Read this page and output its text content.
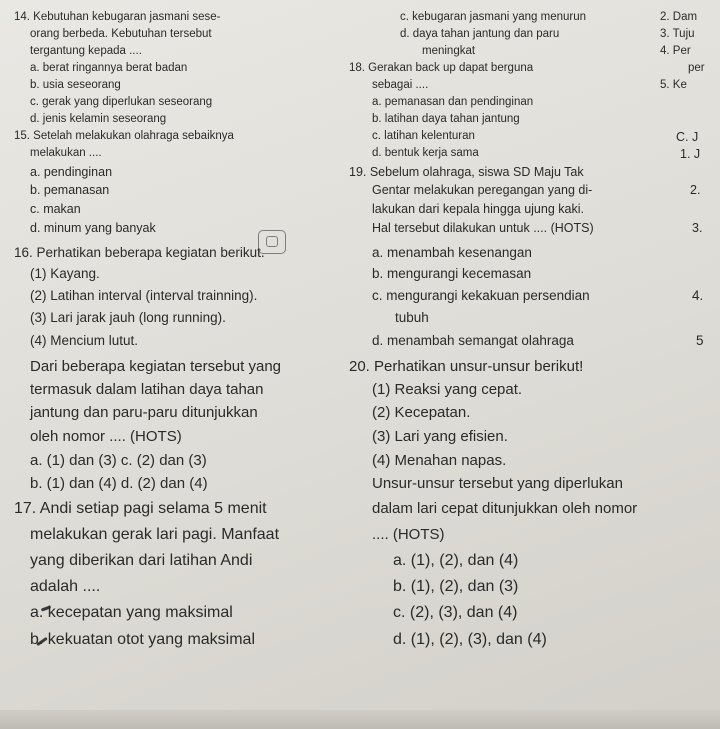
14. Kebutuhan kebugaran jasmani sese-
orang berbeda. Kebutuhan tersebut
tergantung kepada ....
a. berat ringannya berat badan
b. usia seseorang
c. gerak yang diperlukan seseorang
d. jenis kelamin seseorang
15. Setelah melakukan olahraga sebaiknya
melakukan ....
a. pendinginan
b. pemanasan
c. makan
d. minum yang banyak
16. Perhatikan beberapa kegiatan berikut.
(1) Kayang.
(2) Latihan interval (interval trainning).
(3) Lari jarak jauh (long running).
(4) Mencium lutut.
Dari beberapa kegiatan tersebut yang
termasuk dalam latihan daya tahan
jantung dan paru-paru ditunjukkan
oleh nomor .... (HOTS)
a. (1) dan (3) c. (2) dan (3)
b. (1) dan (4) d. (2) dan (4)
17. Andi setiap pagi selama 5 menit
melakukan gerak lari pagi. Manfaat
yang diberikan dari latihan Andi
adalah ....
a. kecepatan yang maksimal
b. kekuatan otot yang maksimal
c. kebugaran jasmani yang menurun
d. daya tahan jantung dan paru
meningkat
18. Gerakan back up dapat berguna
sebagai ....
a. pemanasan dan pendinginan
b. latihan daya tahan jantung
c. latihan kelenturan
d. bentuk kerja sama
19. Sebelum olahraga, siswa SD Maju Tak
Gentar melakukan peregangan yang di-
lakukan dari kepala hingga ujung kaki.
Hal tersebut dilakukan untuk .... (HOTS)
a. menambah kesenangan
b. mengurangi kecemasan
c. mengurangi kekakuan persendian
tubuh
d. menambah semangat olahraga
20. Perhatikan unsur-unsur berikut!
(1) Reaksi yang cepat.
(2) Kecepatan.
(3) Lari yang efisien.
(4) Menahan napas.
Unsur-unsur tersebut yang diperlukan
dalam lari cepat ditunjukkan oleh nomor
.... (HOTS)
a. (1), (2), dan (4)
b. (1), (2), dan (3)
c. (2), (3), dan (4)
d. (1), (2), (3), dan (4)
2. Dam
3. Tuju
4. Per
per
5. Ke
C. J
1. J
2.
3.
4.
5
